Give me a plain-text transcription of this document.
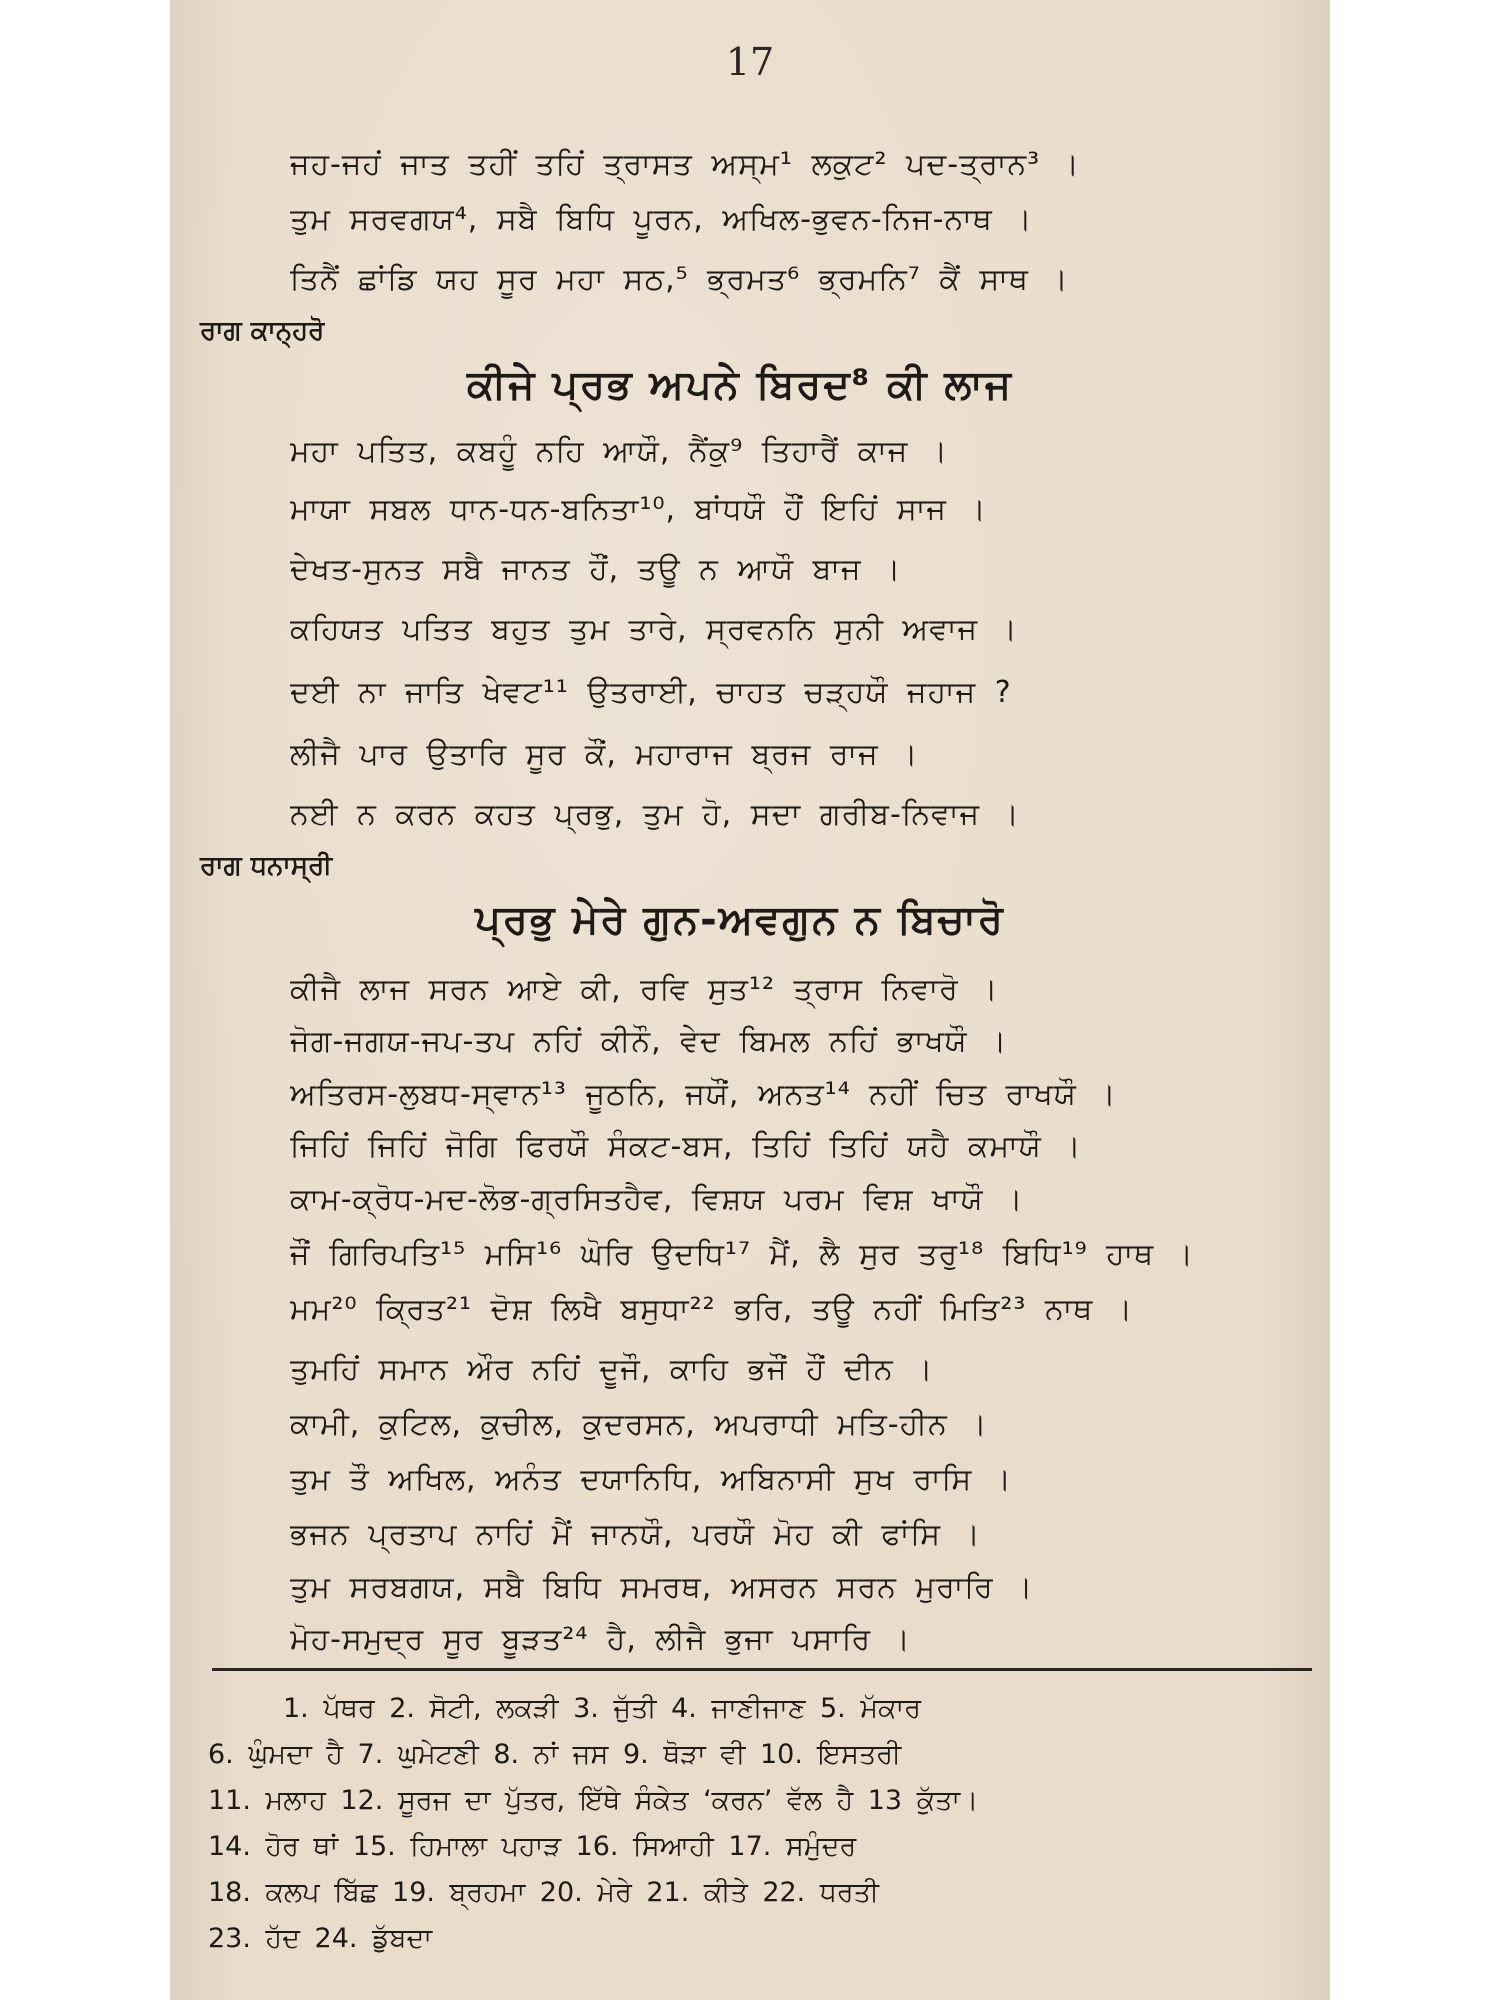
17
ਜਹ-ਜਹਂ ਜਾਤ ਤਹੀਂ ਤਹਿਂ ਤ੍ਰਾਸਤ ਅਸ੍ਮ¹ ਲਕੁਟ² ਪਦ-ਤ੍ਰਾਨ³ ।
ਤੁਮ ਸਰਵਗਯ⁴, ਸਬੈ ਬਿਧਿ ਪੂਰਨ, ਅਖਿਲ-ਭੁਵਨ-ਨਿਜ-ਨਾਥ ।
ਤਿਨੈਂ ਛਾਂਡਿ ਯਹ ਸੂਰ ਮਹਾ ਸਠ,⁵ ਭ੍ਰਮਤ⁶ ਭ੍ਰਮਨਿ⁷ ਕੈਂ ਸਾਥ ।
ਰਾਗ ਕਾਨ੍ਹਰੋ
ਕੀਜੇ ਪ੍ਰਭ ਅਪਨੇ ਬਿਰਦ⁸ ਕੀ ਲਾਜ
ਮਹਾ ਪਤਿਤ, ਕਬਹੂੰ ਨਹਿ ਆਯੌ, ਨੈਂਕੁ⁹ ਤਿਹਾਰੈਂ ਕਾਜ ।
ਮਾਯਾ ਸਬਲ ਧਾਨ-ਧਨ-ਬਨਿਤਾ¹⁰, ਬਾਂਧਯੌ ਹੌਂ ਇਹਿਂ ਸਾਜ ।
ਦੇਖਤ-ਸੁਨਤ ਸਬੈ ਜਾਨਤ ਹੌਂ, ਤਊ ਨ ਆਯੌ ਬਾਜ ।
ਕਹਿਯਤ ਪਤਿਤ ਬਹੁਤ ਤੁਮ ਤਾਰੇ, ਸ੍ਰਵਨਨਿ ਸੁਨੀ ਅਵਾਜ ।
ਦਈ ਨਾ ਜਾਤਿ ਖੇਵਟ¹¹ ਉਤਰਾਈ, ਚਾਹਤ ਚੜ੍ਹਯੌ ਜਹਾਜ ?
ਲੀਜੈ ਪਾਰ ਉਤਾਰਿ ਸੂਰ ਕੌਂ, ਮਹਾਰਾਜ ਬ੍ਰਜ ਰਾਜ ।
ਨਈ ਨ ਕਰਨ ਕਹਤ ਪ੍ਰਭੁ, ਤੁਮ ਹੋ, ਸਦਾ ਗਰੀਬ-ਨਿਵਾਜ ।
ਰਾਗ ਧਨਾਸ੍ਰੀ
ਪ੍ਰਭੁ ਮੇਰੇ ਗੁਨ-ਅਵਗੁਨ ਨ ਬਿਚਾਰੋ
ਕੀਜੈ ਲਾਜ ਸਰਨ ਆਏ ਕੀ, ਰਵਿ ਸੁਤ¹² ਤ੍ਰਾਸ ਨਿਵਾਰੋ ।
ਜੋਗ-ਜਗਯ-ਜਪ-ਤਪ ਨਹਿਂ ਕੀਨੌ, ਵੇਦ ਬਿਮਲ ਨਹਿਂ ਭਾਖਯੌ ।
ਅਤਿਰਸ-ਲੁਬਧ-ਸ੍ਵਾਨ¹³ ਜੂਠਨਿ, ਜਯੌਂ, ਅਨਤ¹⁴ ਨਹੀਂ ਚਿਤ ਰਾਖਯੌ ।
ਜਿਹਿਂ ਜਿਹਿਂ ਜੋਗਿ ਫਿਰਯੌ ਸੰਕਟ-ਬਸ, ਤਿਹਿਂ ਤਿਹਿਂ ਯਹੈ ਕਮਾਯੌ ।
ਕਾਮ-ਕ੍ਰੋਧ-ਮਦ-ਲੋਭ-ਗ੍ਰਸਿਤਹੈਵ, ਵਿਸ਼ਯ ਪਰਮ ਵਿਸ਼ ਖਾਯੌ ।
ਜੌਂ ਗਿਰਿਪਤਿ¹⁵ ਮਸਿ¹⁶ ਘੋਰਿ ਉਦਧਿ¹⁷ ਮੈਂ, ਲੈ ਸੁਰ ਤਰੁ¹⁸ ਬਿਧਿ¹⁹ ਹਾਥ ।
ਮਮ²⁰ ਕ੍ਰਿਤ²¹ ਦੋਸ਼ ਲਿਖੈ ਬਸੁਧਾ²² ਭਰਿ, ਤਊ ਨਹੀਂ ਮਿਤਿ²³ ਨਾਥ ।
ਤੁਮਹਿਂ ਸਮਾਨ ਔਰ ਨਹਿਂ ਦੂਜੌ, ਕਾਹਿ ਭਜੌਂ ਹੌਂ ਦੀਨ ।
ਕਾਮੀ, ਕੁਟਿਲ, ਕੁਚੀਲ, ਕੁਦਰਸਨ, ਅਪਰਾਧੀ ਮਤਿ-ਹੀਨ ।
ਤੁਮ ਤੌ ਅਖਿਲ, ਅਨੰਤ ਦਯਾਨਿਧਿ, ਅਬਿਨਾਸੀ ਸੁਖ ਰਾਸਿ ।
ਭਜਨ ਪ੍ਰਤਾਪ ਨਾਹਿਂ ਮੈਂ ਜਾਨਯੌ, ਪਰਯੌ ਮੋਹ ਕੀ ਫਾਂਸਿ ।
ਤੁਮ ਸਰਬਗਯ, ਸਬੈ ਬਿਧਿ ਸਮਰਥ, ਅਸਰਨ ਸਰਨ ਮੁਰਾਰਿ ।
ਮੋਹ-ਸਮੁਦ੍ਰ ਸੂਰ ਬੂੜਤ²⁴ ਹੈ, ਲੀਜੈ ਭੁਜਾ ਪਸਾਰਿ ।
1. ਪੱਥਰ 2. ਸੋਟੀ, ਲਕੜੀ 3. ਜੁੱਤੀ 4. ਜਾਣੀਜਾਣ 5. ਮੱਕਾਰ
6. ਘੁੰਮਦਾ ਹੈ 7. ਘੁਮੇਟਣੀ 8. ਨਾਂ ਜਸ 9. ਥੋੜਾ ਵੀ 10. ਇਸਤਰੀ
11. ਮਲਾਹ 12. ਸੂਰਜ ਦਾ ਪੁੱਤਰ, ਇੱਥੇ ਸੰਕੇਤ ‘ਕਰਨ’ ਵੱਲ ਹੈ 13 ਕੁੱਤਾ।
14. ਹੋਰ ਥਾਂ 15. ਹਿਮਾਲਾ ਪਹਾੜ 16. ਸਿਆਹੀ 17. ਸਮੁੰਦਰ
18. ਕਲਪ ਬਿੱਛ 19. ਬ੍ਰਹਮਾ 20. ਮੇਰੇ 21. ਕੀਤੇ 22. ਧਰਤੀ
23. ਹੱਦ 24. ਡੁੱਬਦਾ
